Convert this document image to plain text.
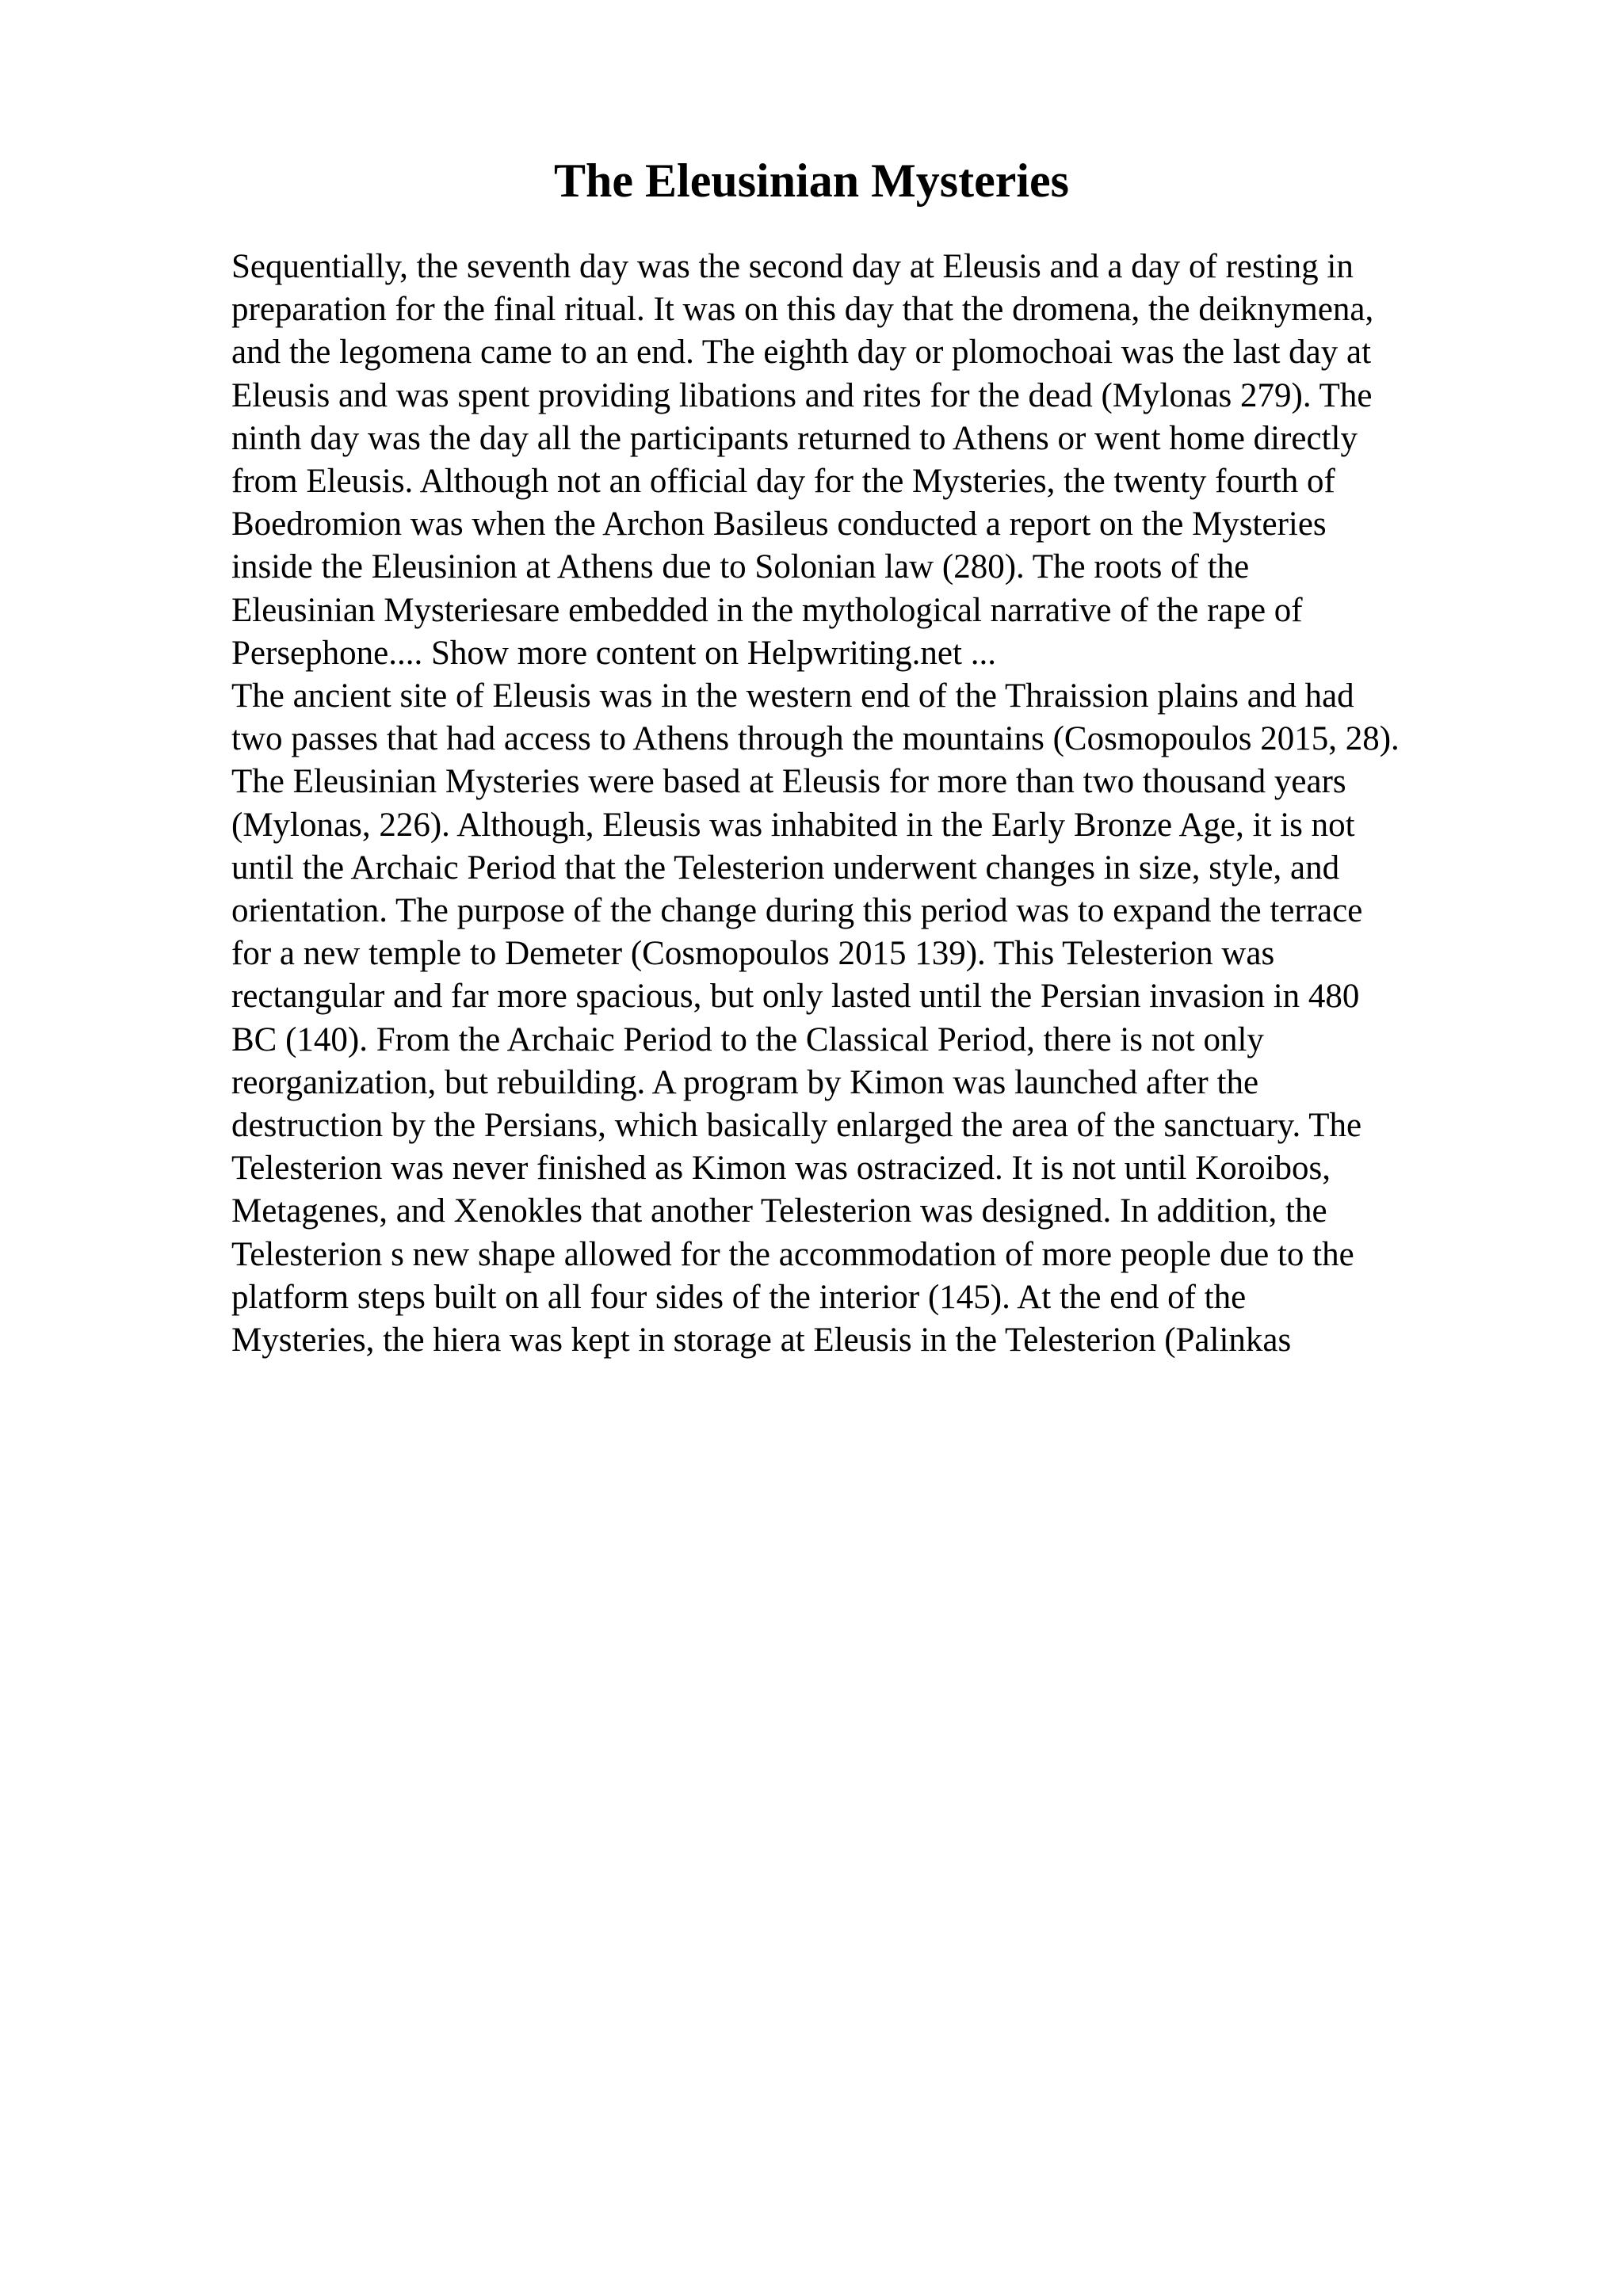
The Eleusinian Mysteries
Sequentially, the seventh day was the second day at Eleusis and a day of resting in
preparation for the final ritual. It was on this day that the dromena, the deiknymena,
and the legomena came to an end. The eighth day or plomochoai was the last day at
Eleusis and was spent providing libations and rites for the dead (Mylonas 279). The
ninth day was the day all the participants returned to Athens or went home directly
from Eleusis. Although not an official day for the Mysteries, the twenty fourth of
Boedromion was when the Archon Basileus conducted a report on the Mysteries
inside the Eleusinion at Athens due to Solonian law (280). The roots of the
Eleusinian Mysteriesare embedded in the mythological narrative of the rape of
Persephone.... Show more content on Helpwriting.net ...
The ancient site of Eleusis was in the western end of the Thraission plains and had
two passes that had access to Athens through the mountains (Cosmopoulos 2015, 28).
The Eleusinian Mysteries were based at Eleusis for more than two thousand years
(Mylonas, 226). Although, Eleusis was inhabited in the Early Bronze Age, it is not
until the Archaic Period that the Telesterion underwent changes in size, style, and
orientation. The purpose of the change during this period was to expand the terrace
for a new temple to Demeter (Cosmopoulos 2015 139). This Telesterion was
rectangular and far more spacious, but only lasted until the Persian invasion in 480
BC (140). From the Archaic Period to the Classical Period, there is not only
reorganization, but rebuilding. A program by Kimon was launched after the
destruction by the Persians, which basically enlarged the area of the sanctuary. The
Telesterion was never finished as Kimon was ostracized. It is not until Koroibos,
Metagenes, and Xenokles that another Telesterion was designed. In addition, the
Telesterion s new shape allowed for the accommodation of more people due to the
platform steps built on all four sides of the interior (145). At the end of the
Mysteries, the hiera was kept in storage at Eleusis in the Telesterion (Palinkas
